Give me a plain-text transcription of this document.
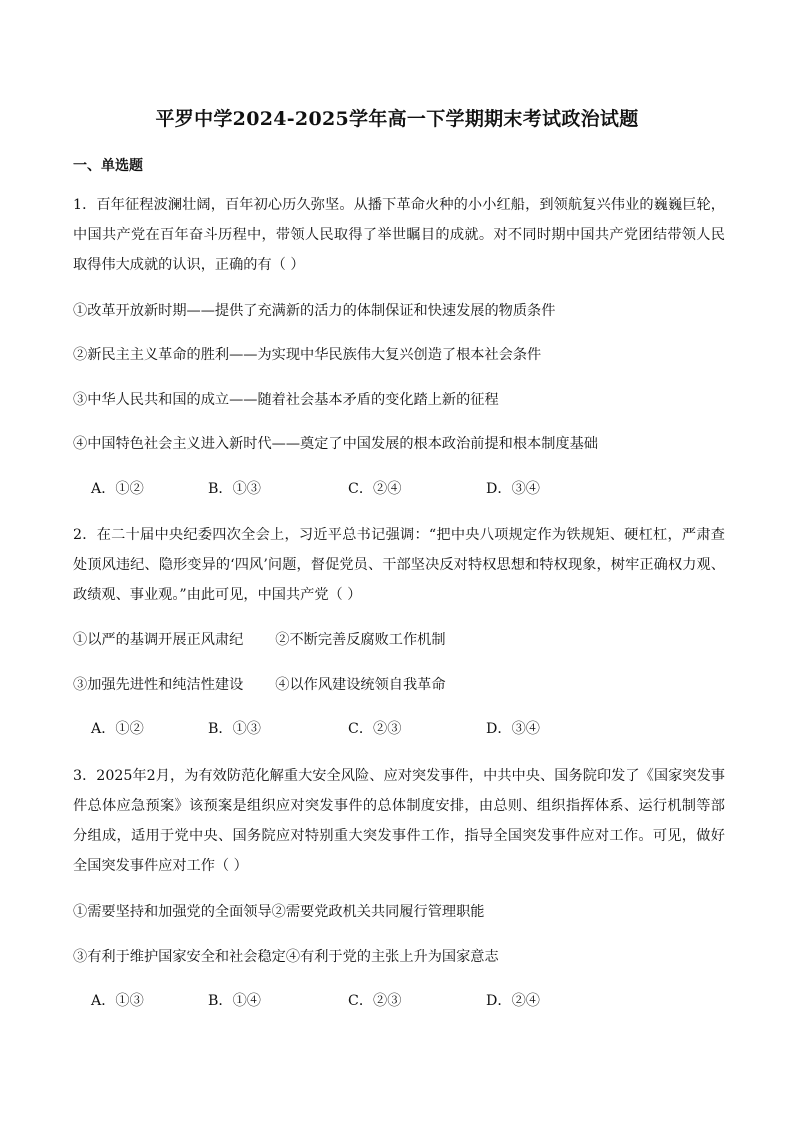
平罗中学2024-2025学年高一下学期期末考试政治试题
一、单选题
1．百年征程波澜壮阔，百年初心历久弥坚。从播下革命火种的小小红船，到领航复兴伟业的巍巍巨轮，中国共产党在百年奋斗历程中，带领人民取得了举世瞩目的成就。对不同时期中国共产党团结带领人民取得伟大成就的认识，正确的有（ ）
①改革开放新时期——提供了充满新的活力的体制保证和快速发展的物质条件
②新民主主义革命的胜利——为实现中华民族伟大复兴创造了根本社会条件
③中华人民共和国的成立——随着社会基本矛盾的变化踏上新的征程
④中国特色社会主义进入新时代——奠定了中国发展的根本政治前提和根本制度基础
A．①②	B．①③	C．②④	D．③④
2．在二十届中央纪委四次全会上，习近平总书记强调：“把中央八项规定作为铁规矩、硬杠杠，严肃查处顶风违纪、隐形变异的‘四风’问题，督促党员、干部坚决反对特权思想和特权现象，树牢正确权力观、政绩观、事业观。”由此可见，中国共产党（ ）
①以严的基调开展正风肃纪 ②不断完善反腐败工作机制
③加强先进性和纯洁性建设 ④以作风建设统领自我革命
A．①②	B．①③	C．②③	D．③④
3．2025年2月，为有效防范化解重大安全风险、应对突发事件，中共中央、国务院印发了《国家突发事件总体应急预案》该预案是组织应对突发事件的总体制度安排，由总则、组织指挥体系、运行机制等部分组成，适用于党中央、国务院应对特别重大突发事件工作，指导全国突发事件应对工作。可见，做好全国突发事件应对工作（ ）
①需要坚持和加强党的全面领导②需要党政机关共同履行管理职能
③有利于维护国家安全和社会稳定④有利于党的主张上升为国家意志
A．①③	B．①④	C．②③	D．②④
